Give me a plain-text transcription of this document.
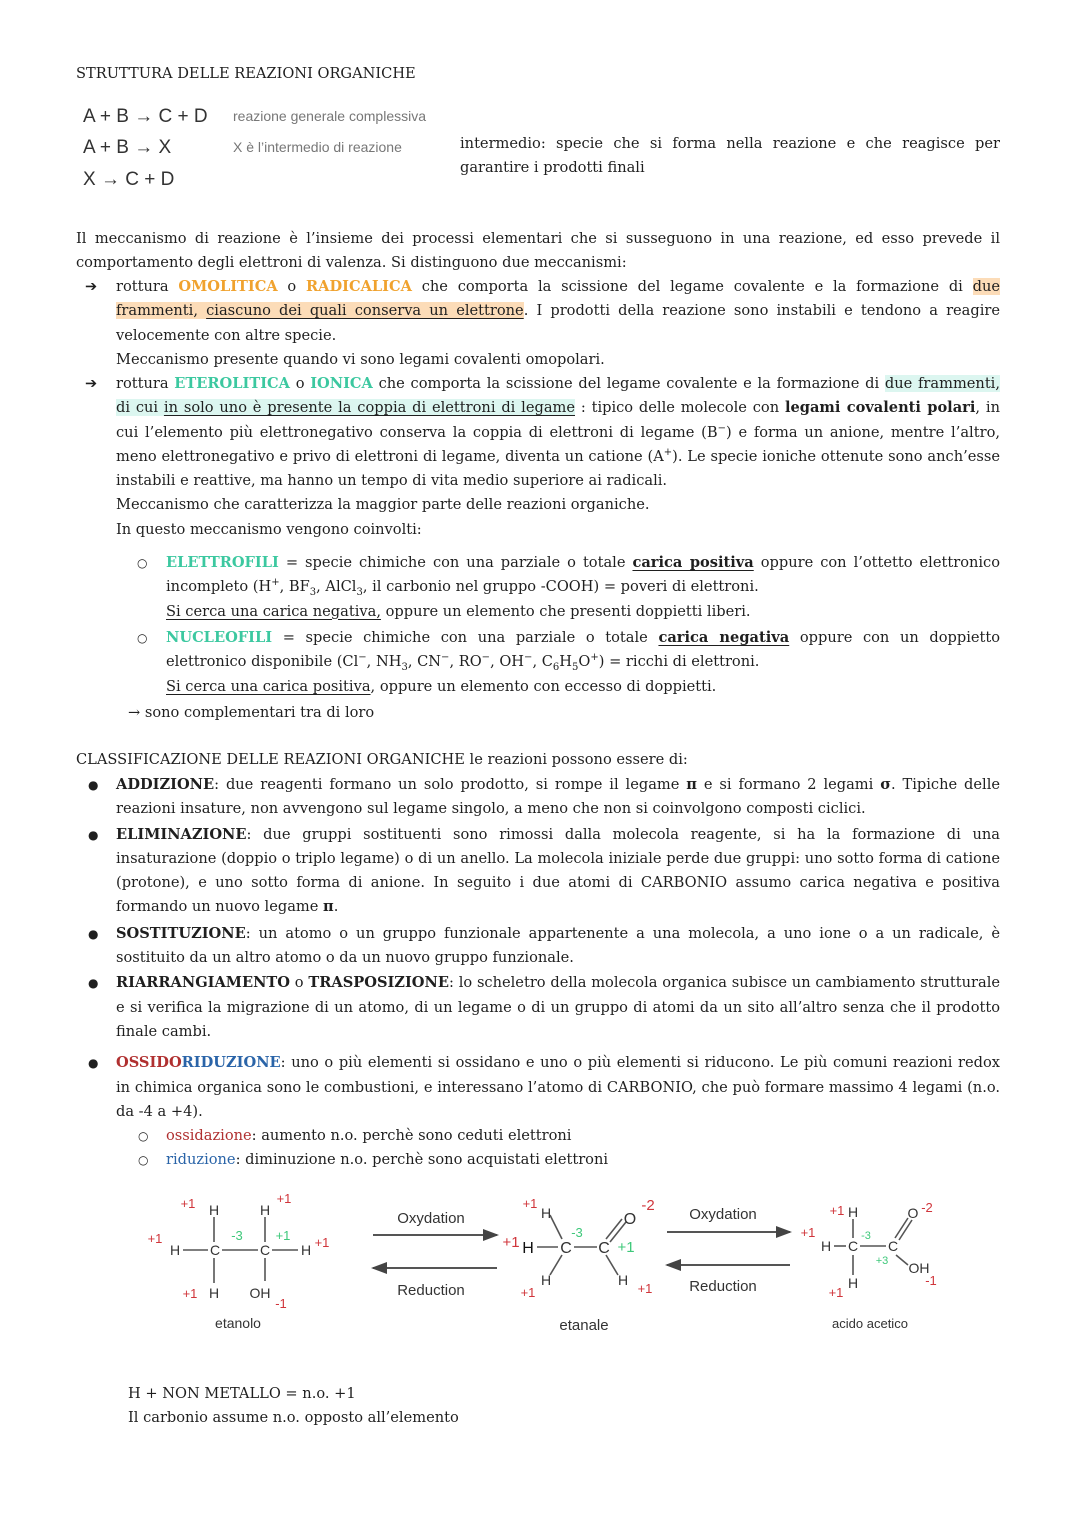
STRUTTURA DELLE REAZIONI ORGANICHE
A + B → C + D
A + B → X
X → C + D
reazione generale complessiva
X è l’intermedio di reazione	intermedio: specie che si forma nella reazione e che reagisce per garantire i prodotti finali
Il meccanismo di reazione è l’insieme dei processi elementari che si susseguono in una reazione, ed esso prevede il comportamento degli elettroni di valenza. Si distinguono due meccanismi:
➔ rottura OMOLITICA o RADICALICA che comporta la scissione del legame covalente e la formazione di due frammenti, ciascuno dei quali conserva un elettrone. I prodotti della reazione sono instabili e tendono a reagire velocemente con altre specie.
Meccanismo presente quando vi sono legami covalenti omopolari.
➔ rottura ETEROLITICA o IONICA che comporta la scissione del legame covalente e la formazione di due frammenti, di cui in solo uno è presente la coppia di elettroni di legame : tipico delle molecole con legami covalenti polari, in cui l’elemento più elettronegativo conserva la coppia di elettroni di legame (B−) e forma un anione, mentre l’altro, meno elettronegativo e privo di elettroni di legame, diventa un catione (A+). Le specie ioniche ottenute sono anch’esse instabili e reattive, ma hanno un tempo di vita medio superiore ai radicali.
Meccanismo che caratterizza la maggior parte delle reazioni organiche.
In questo meccanismo vengono coinvolti:
○ ELETTROFILI = specie chimiche con una parziale o totale carica positiva oppure con l’ottetto elettronico incompleto (H+, $BF_3$, AlCl$_3$, il carbonio nel gruppo -COOH) = poveri di elettroni.
Si cerca una carica negativa, oppure un elemento che presenti doppietti liberi.
○ NUCLEOFILI = specie chimiche con una parziale o totale carica negativa oppure con un doppietto elettronico disponibile (Cl−, $NH_3$, CN−, RO−, OH−, $C_6H_5O^+$) = ricchi di elettroni.
Si cerca una carica positiva, oppure un elemento con eccesso di doppietti.
→ sono complementari tra di loro
CLASSIFICAZIONE DELLE REAZIONI ORGANICHE le reazioni possono essere di:
● ADDIZIONE: due reagenti formano un solo prodotto, si rompe il legame π e si formano 2 legami σ. Tipiche delle reazioni insature, non avvengono sul legame singolo, a meno che non si coinvolgono composti ciclici.
● ELIMINAZIONE: due gruppi sostituenti sono rimossi dalla molecola reagente, si ha la formazione di una insaturazione (doppio o triplo legame) o di un anello. La molecola iniziale perde due gruppi: uno sotto forma di catione (protone), e uno sotto forma di anione. In seguito i due atomi di CARBONIO assumo carica negativa e positiva formando un nuovo legame π.
● SOSTITUZIONE: un atomo o un gruppo funzionale appartenente a una molecola, a uno ione o a un radicale, è sostituito da un altro atomo o da un nuovo gruppo funzionale.
● RIARRANGIAMENTO o TRASPOSIZIONE: lo scheletro della molecola organica subisce un cambiamento strutturale e si verifica la migrazione di un atomo, di un legame o di un gruppo di atomi da un sito all’altro senza che il prodotto finale cambi.
● OSSIDORIDUZIONE: uno o più elementi si ossidano e uno o più elementi si riducono. Le più comuni reazioni redox in chimica organica sono le combustioni, e interessano l’atomo di CARBONIO, che può formare massimo 4 legami (n.o. da -4 a +4).
○ ossidazione: aumento n.o. perchè sono ceduti elettroni
○ riduzione: diminuzione n.o. perchè sono acquistati elettroni
Oxydation
Reduction
Oxydation
Reduction
etanolo	etanale	acido acetico
H	H
H C	C H
H OH
H	O
H C C
H	H
H	O
H C C
OH
H
+1	+1
+1	+1
+1
-1
+1	-2
+1
+1	+1
+1	-2
+1
-1
+1
-3	+1	-3
+1
-3
+3
H + NON METALLO = n.o. +1
Il carbonio assume n.o. opposto all’elemento
